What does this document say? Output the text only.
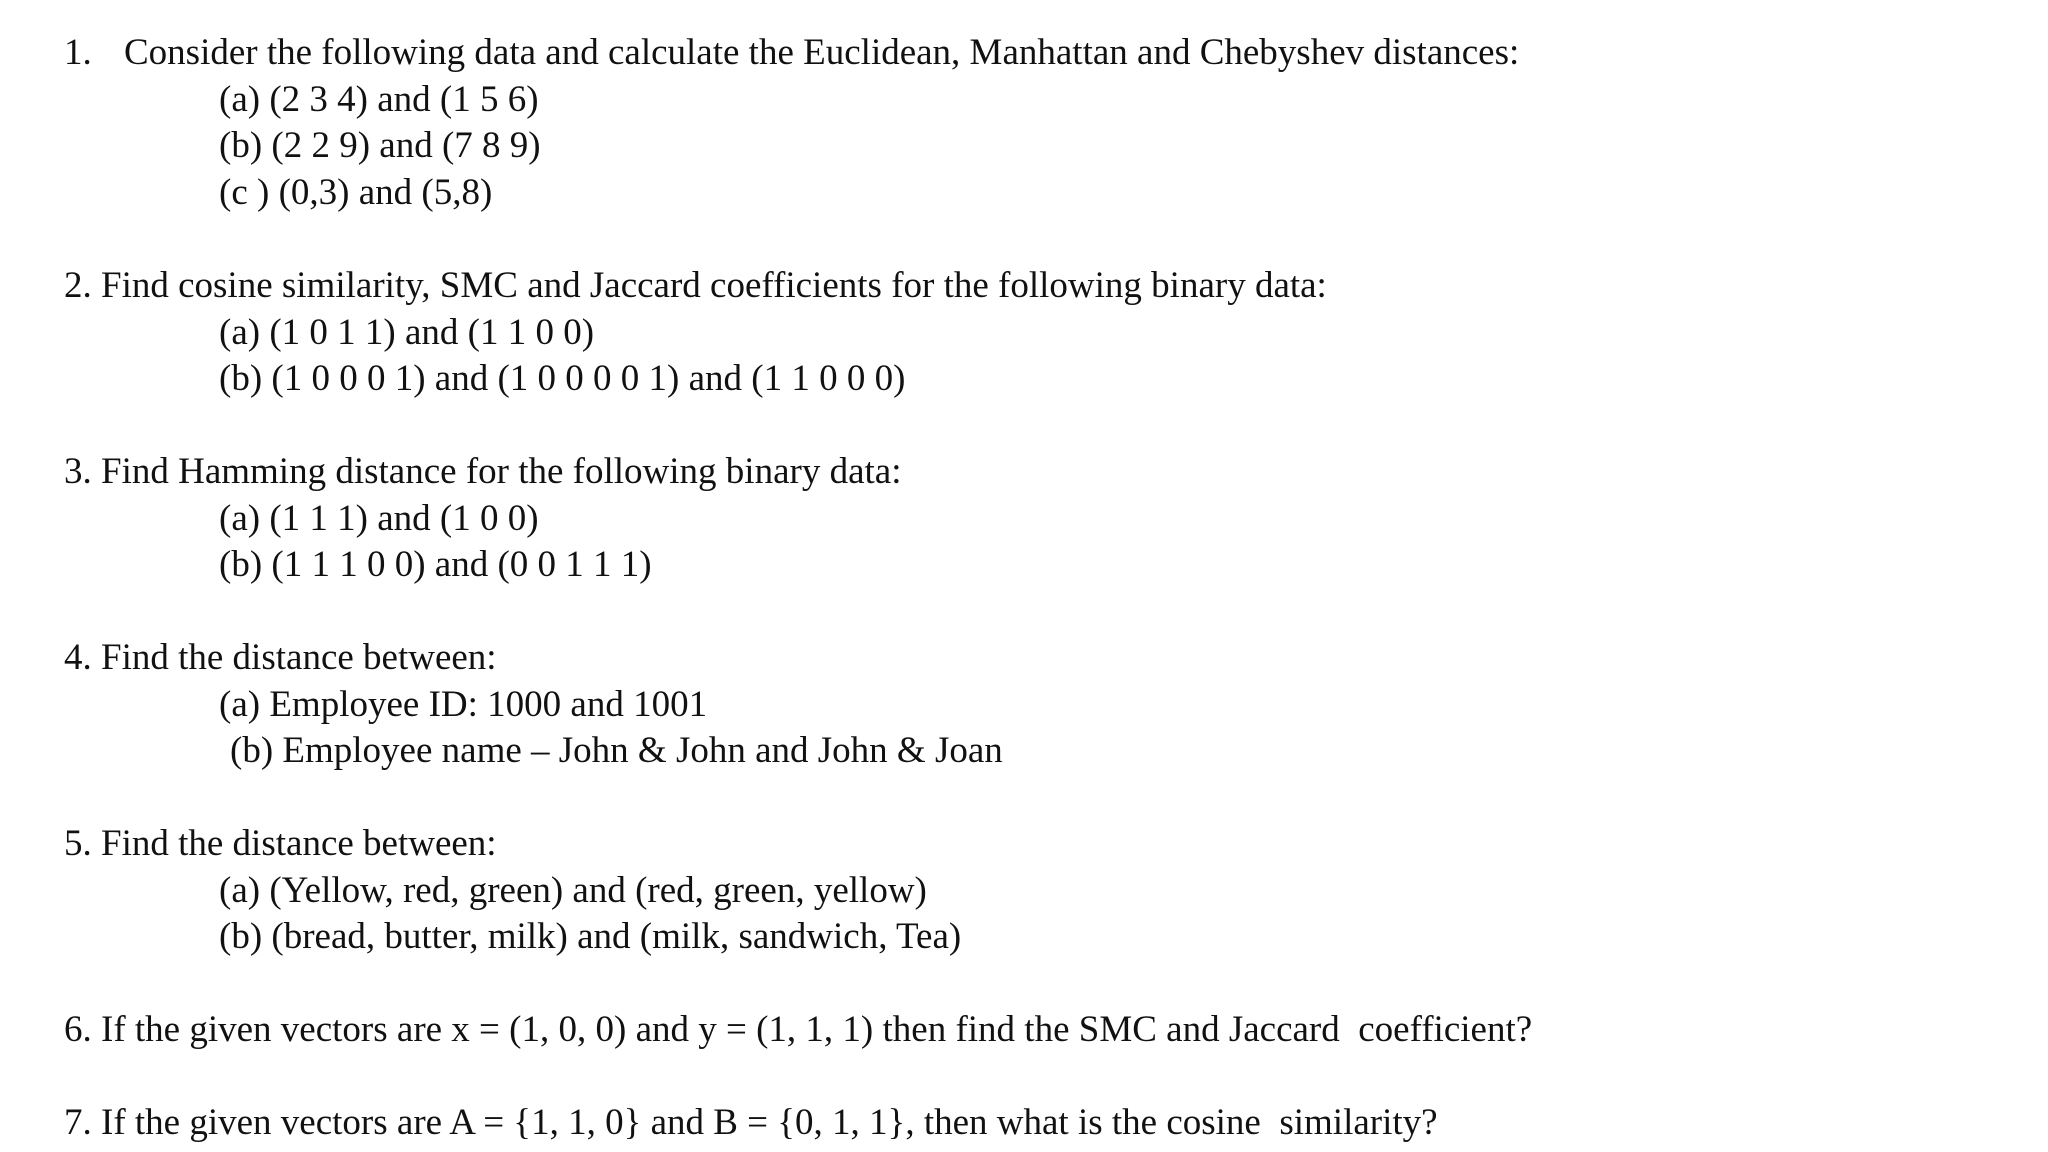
1. Consider the following data and calculate the Euclidean, Manhattan and Chebyshev distances:
(a) (2 3 4) and (1 5 6)
(b) (2 2 9) and (7 8 9)
(c ) (0,3) and (5,8)
2. Find cosine similarity, SMC and Jaccard coefficients for the following binary data:
(a) (1 0 1 1) and (1 1 0 0)
(b) (1 0 0 0 1) and (1 0 0 0 0 1) and (1 1 0 0 0)
3. Find Hamming distance for the following binary data:
(a) (1 1 1) and (1 0 0)
(b) (1 1 1 0 0) and (0 0 1 1 1)
4. Find the distance between:
(a) Employee ID: 1000 and 1001
(b) Employee name – John & John and John & Joan
5. Find the distance between:
(a) (Yellow, red, green) and (red, green, yellow)
(b) (bread, butter, milk) and (milk, sandwich, Tea)
6. If the given vectors are x = (1, 0, 0) and y = (1, 1, 1) then find the SMC and Jaccard  coefficient?
7. If the given vectors are A = {1, 1, 0} and B = {0, 1, 1}, then what is the cosine  similarity?
